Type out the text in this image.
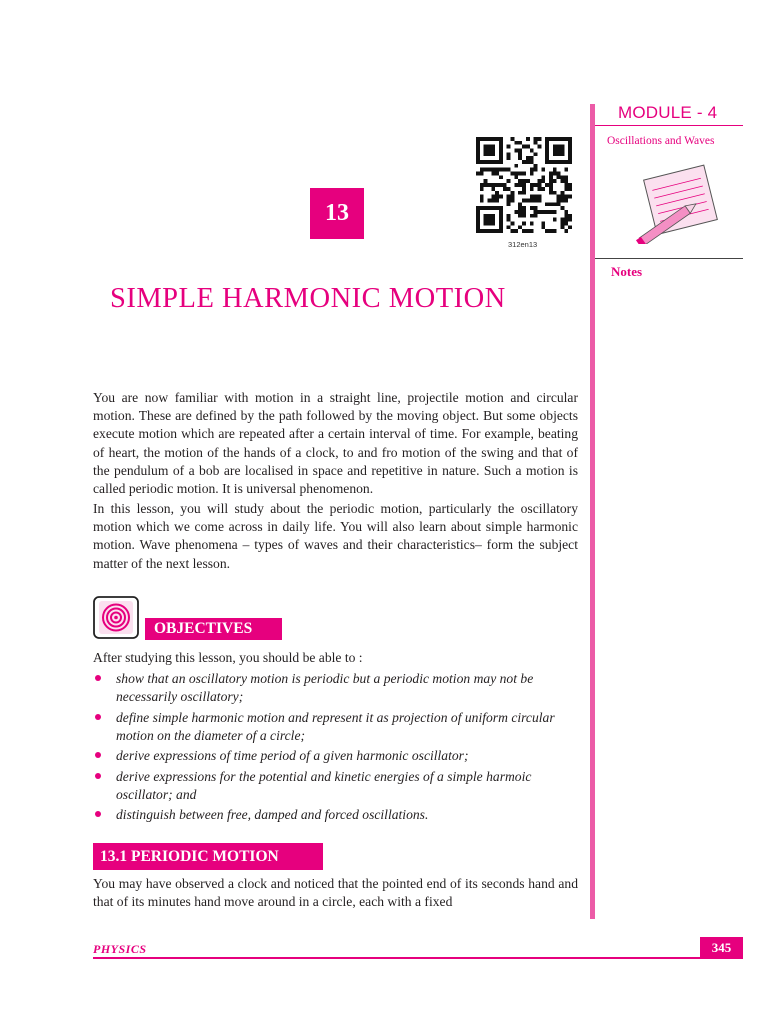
MODULE - 4
Oscillations and Waves
Notes
13
312en13
SIMPLE HARMONIC MOTION

You are now familiar with motion in a straight line, projectile motion and circular motion. These are defined by the path followed by the moving object. But some objects execute motion which are repeated after a certain interval of time. For example, beating of heart, the motion of the hands of a clock, to and fro motion of the swing and that of the pendulum of a bob are localised in space and repetitive in nature. Such a motion is called periodic motion. It is universal phenomenon.

In this lesson, you will study about the periodic motion, particularly the oscillatory motion which we come across in daily life. You will also learn about simple harmonic motion. Wave phenomena – types of waves and their characteristics– form the subject matter of the next lesson.

OBJECTIVES
After studying this lesson, you should be able to :
show that an oscillatory motion is periodic but a periodic motion may not be necessarily oscillatory;
define simple harmonic motion and represent it as projection of uniform circular motion on the diameter of a circle;
derive expressions of time period of a given harmonic oscillator;
derive expressions for the potential and kinetic energies of a simple harmoic oscillator; and
distinguish between free, damped and forced oscillations.
13.1 PERIODIC MOTION

You may have observed a clock and noticed that the pointed end of its seconds hand and that of its minutes hand move around in a circle, each with a fixed

PHYSICS	345
